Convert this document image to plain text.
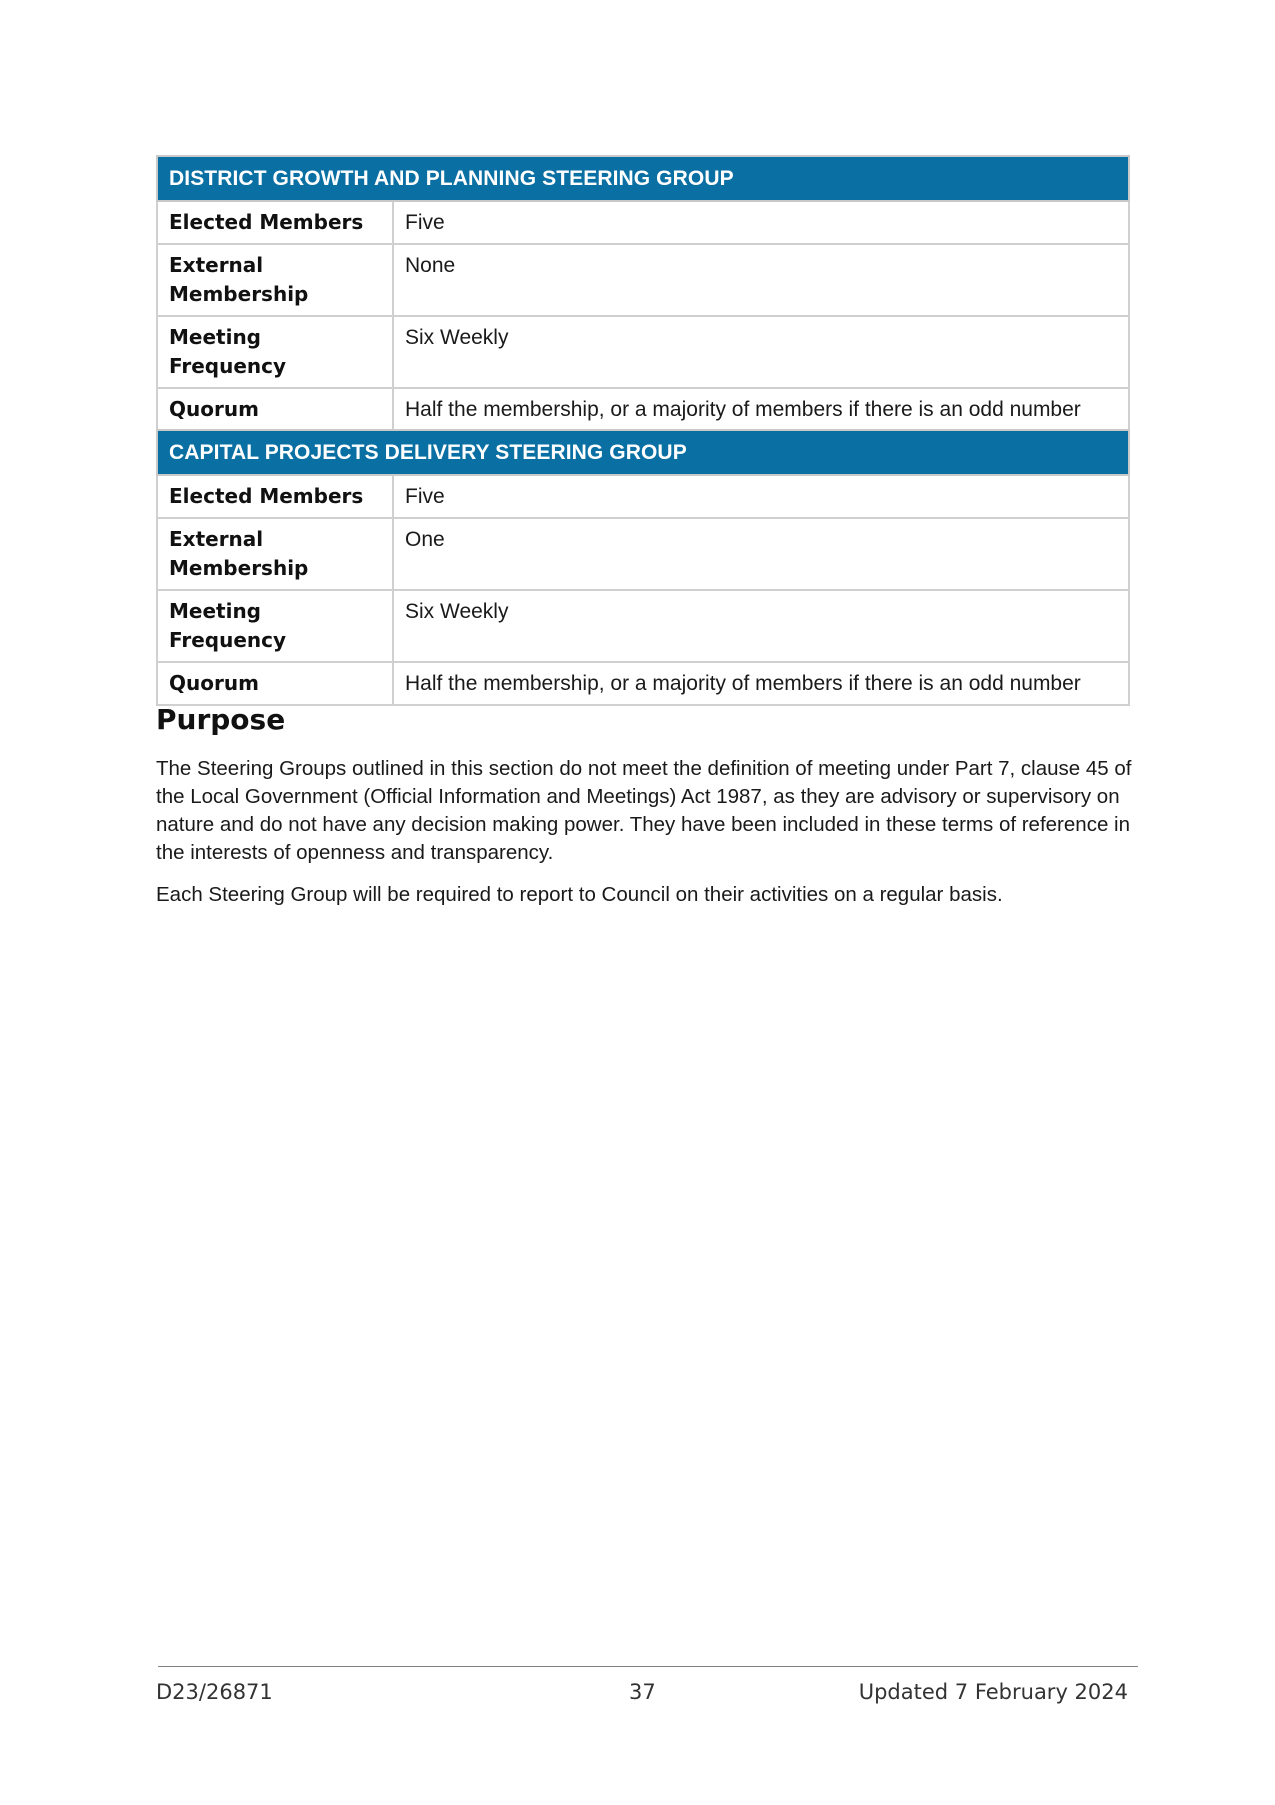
DISTRICT GROWTH AND PLANNING STEERING GROUP	
Elected Members	Five
External Membership	None
Meeting Frequency	Six Weekly
Quorum	Half the membership, or a majority of members if there is an odd number
CAPITAL PROJECTS DELIVERY STEERING GROUP	
Elected Members	Five
External Membership	One
Meeting Frequency	Six Weekly
Quorum	Half the membership, or a majority of members if there is an odd number
Purpose

The Steering Groups outlined in this section do not meet the definition of meeting under Part 7, clause 45 of the Local Government (Official Information and Meetings) Act 1987, as they are advisory or supervisory on nature and do not have any decision making power. They have been included in these terms of reference in the interests of openness and transparency.

Each Steering Group will be required to report to Council on their activities on a regular basis.

D23/26871	37	Updated 7 February 2024
